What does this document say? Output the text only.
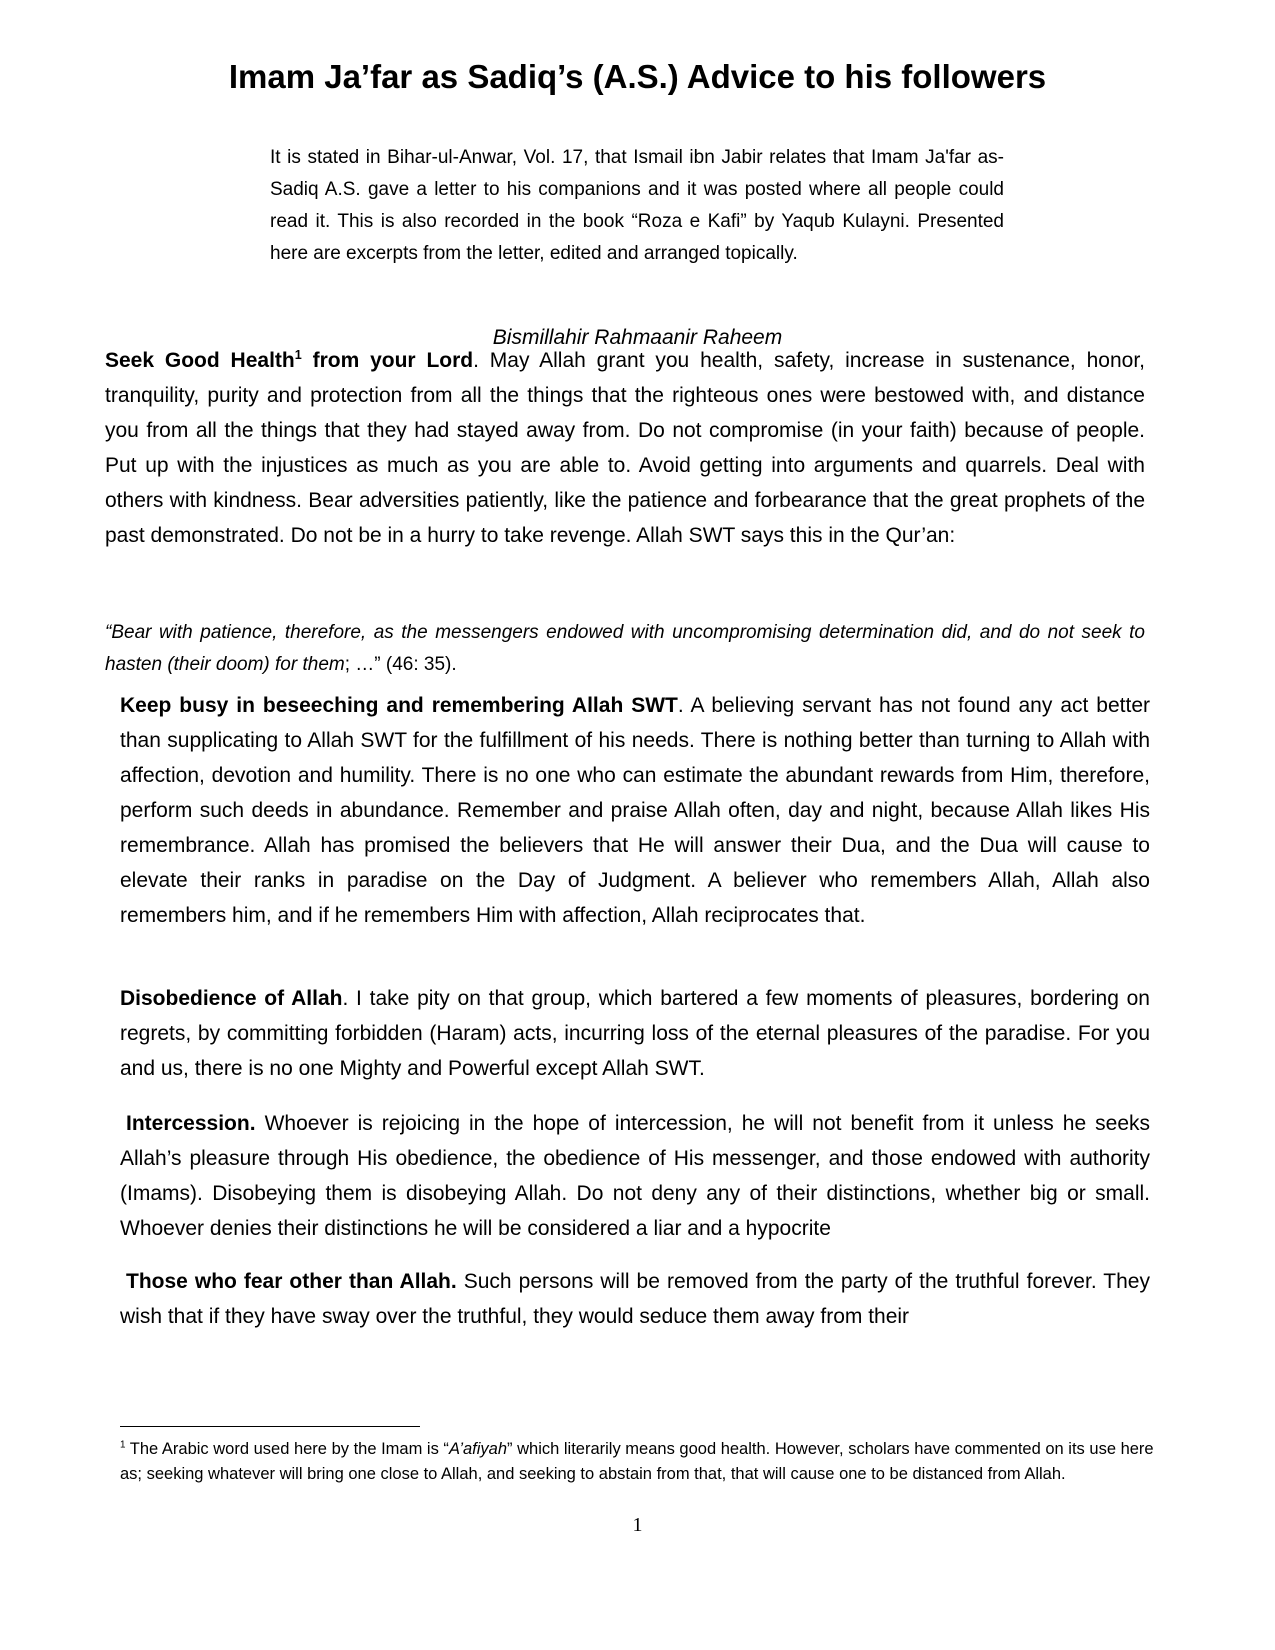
Imam Ja’far as Sadiq’s (A.S.) Advice to his followers

It is stated in Bihar-ul-Anwar, Vol. 17, that Ismail ibn Jabir relates that Imam Ja'far as- Sadiq A.S. gave a letter to his companions and it was posted where all people could read it. This is also recorded in the book “Roza e Kafi” by Yaqub Kulayni. Presented here are excerpts from the letter, edited and arranged topically.

Bismillahir Rahmaanir Raheem

Seek Good Health$^1$ from your Lord. May Allah grant you health, safety, increase in sustenance, honor, tranquility, purity and protection from all the things that the righteous ones were bestowed with, and distance you from all the things that they had stayed away from. Do not compromise (in your faith) because of people. Put up with the injustices as much as you are able to. Avoid getting into arguments and quarrels. Deal with others with kindness. Bear adversities patiently, like the patience and forbearance that the great prophets of the past demonstrated. Do not be in a hurry to take revenge. Allah SWT says this in the Qur’an:

“Bear with patience, therefore, as the messengers endowed with uncompromising determination did, and do not seek to hasten (their doom) for them; …” (46: 35).

Keep busy in beseeching and remembering Allah SWT. A believing servant has not found any act better than supplicating to Allah SWT for the fulfillment of his needs. There is nothing better than turning to Allah with affection, devotion and humility. There is no one who can estimate the abundant rewards from Him, therefore, perform such deeds in abundance. Remember and praise Allah often, day and night, because Allah likes His remembrance. Allah has promised the believers that He will answer their Dua, and the Dua will cause to elevate their ranks in paradise on the Day of Judgment. A believer who remembers Allah, Allah also remembers him, and if he remembers Him with affection, Allah reciprocates that.

Disobedience of Allah. I take pity on that group, which bartered a few moments of pleasures, bordering on regrets, by committing forbidden (Haram) acts, incurring loss of the eternal pleasures of the paradise. For you and us, there is no one Mighty and Powerful except Allah SWT.

Intercession. Whoever is rejoicing in the hope of intercession, he will not benefit from it unless he seeks Allah’s pleasure through His obedience, the obedience of His messenger, and those endowed with authority (Imams). Disobeying them is disobeying Allah. Do not deny any of their distinctions, whether big or small. Whoever denies their distinctions he will be considered a liar and a hypocrite

Those who fear other than Allah. Such persons will be removed from the party of the truthful forever. They wish that if they have sway over the truthful, they would seduce them away from their

$^1$ The Arabic word used here by the Imam is “A’afiyah” which literarily means good health. However, scholars have commented on its use here as; seeking whatever will bring one close to Allah, and seeking to abstain from that, that will cause one to be distanced from Allah.

1
